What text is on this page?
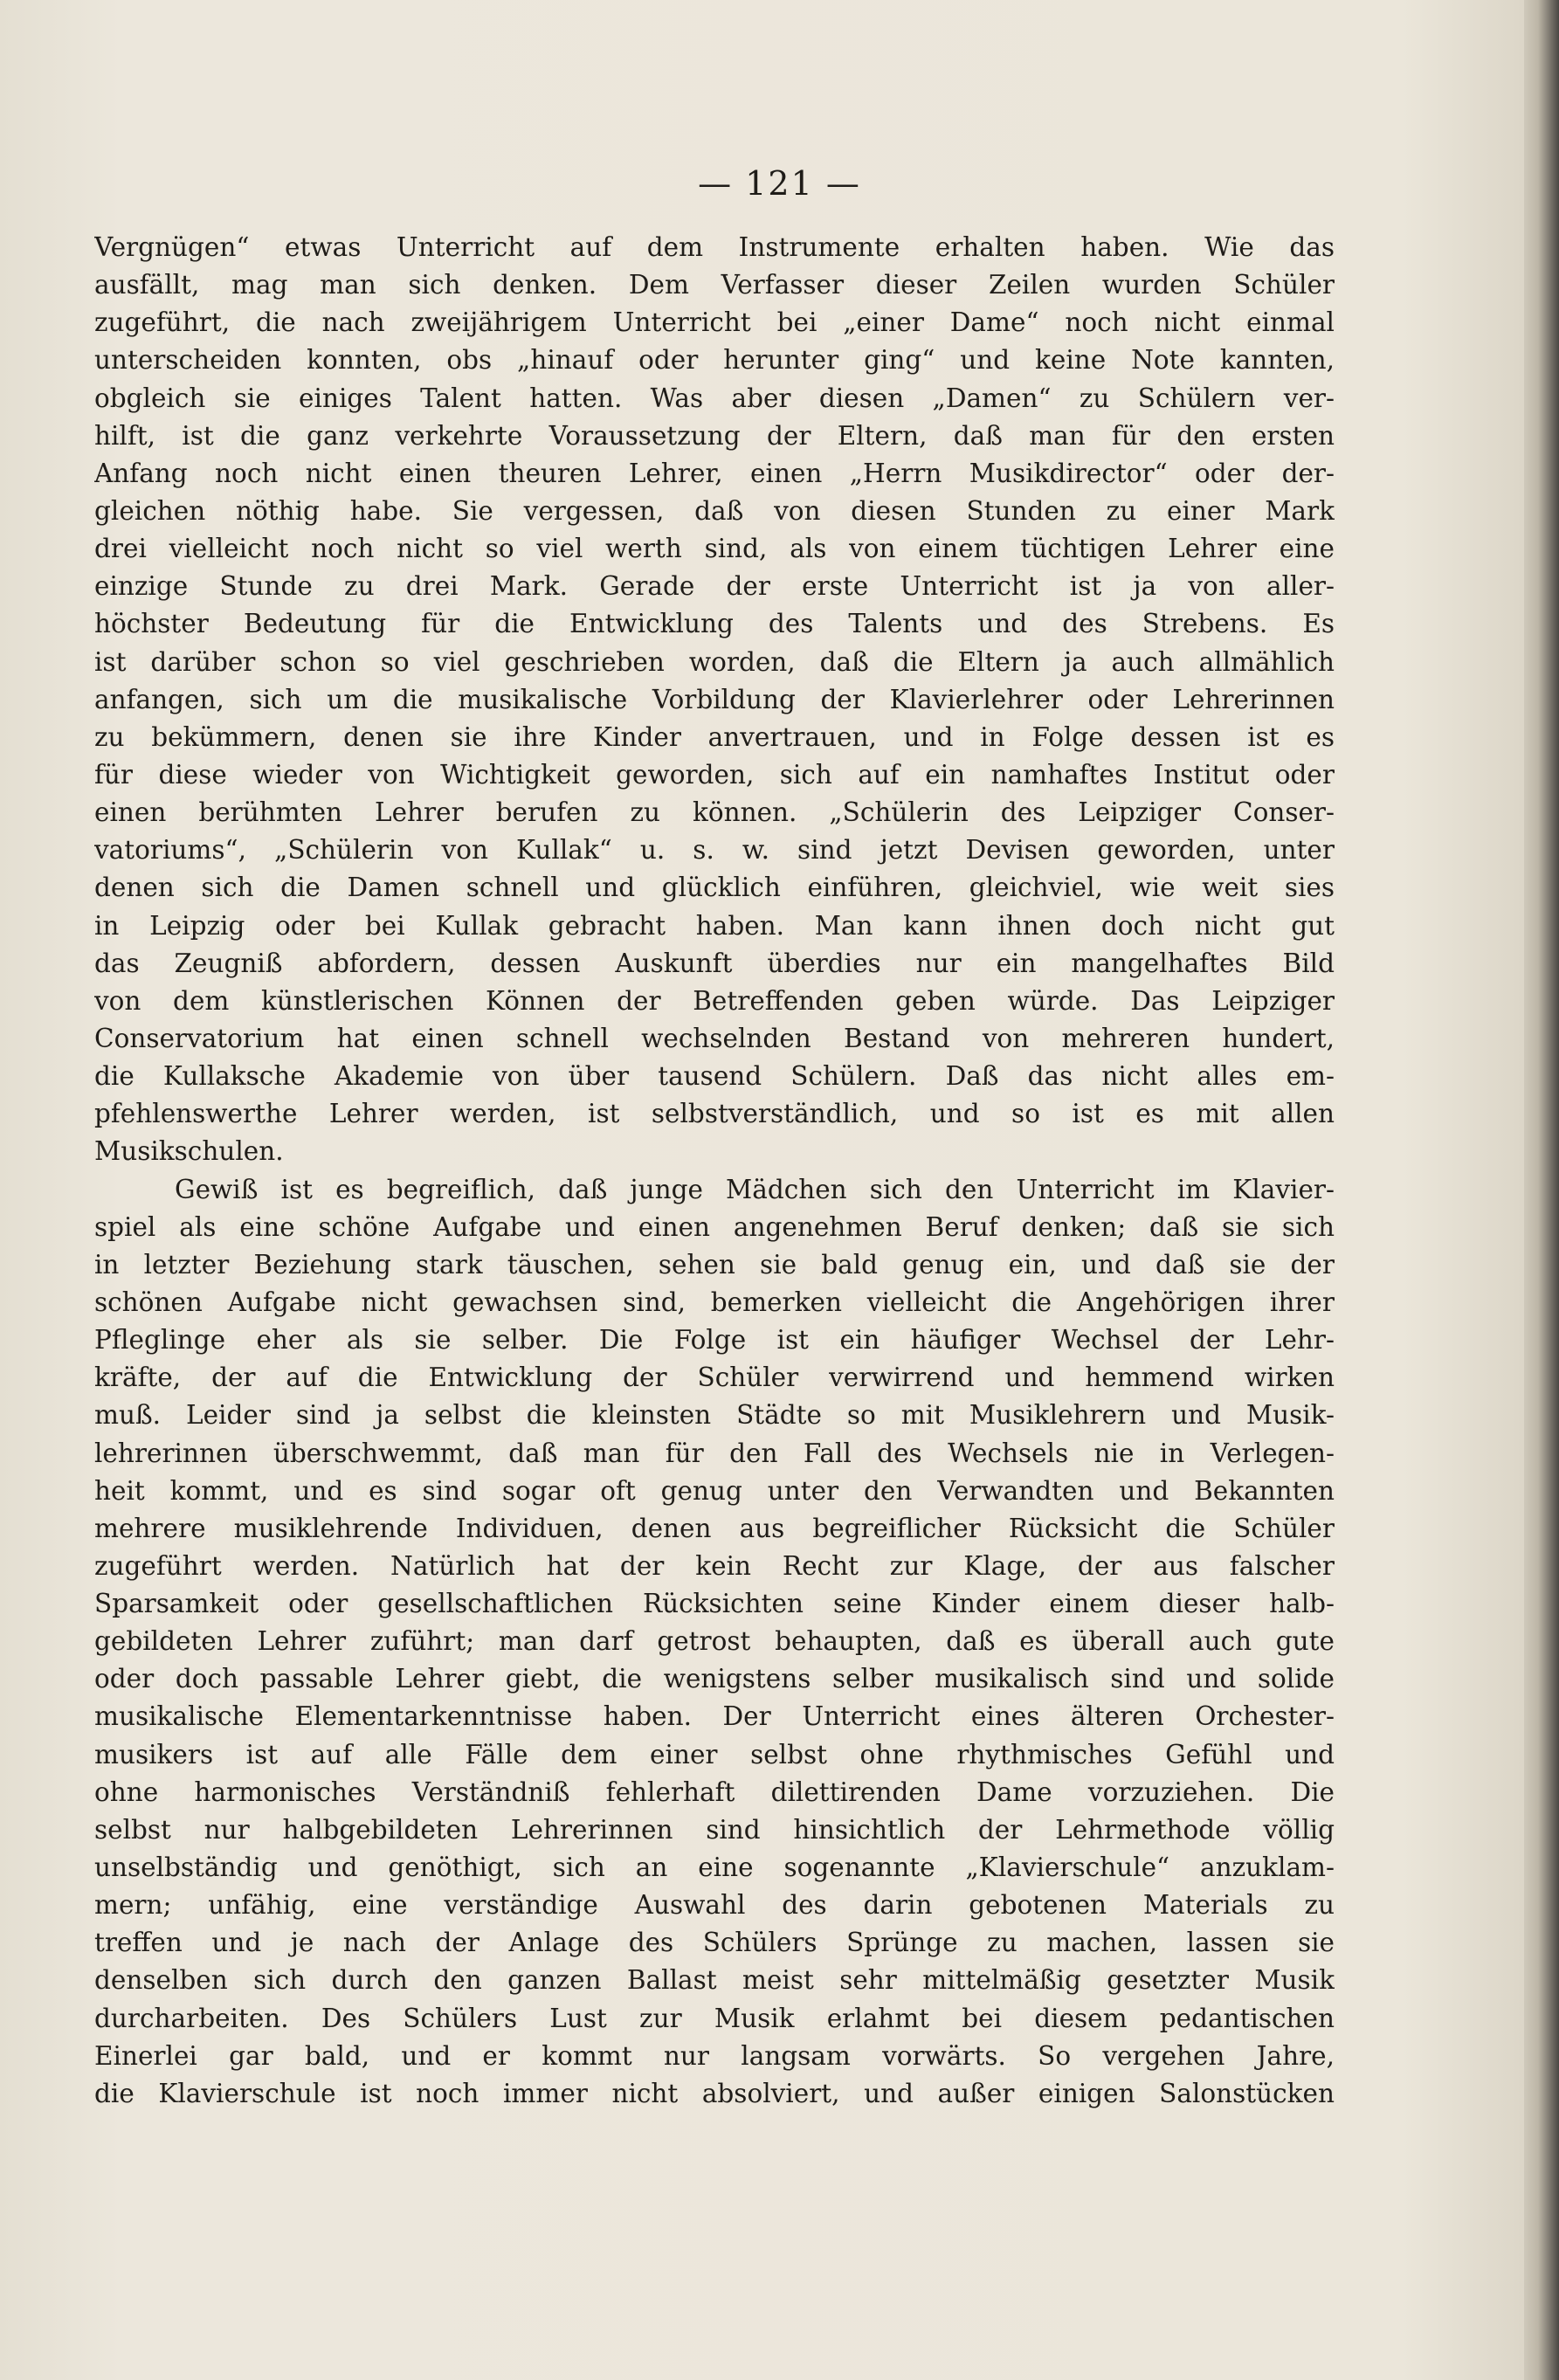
— 121 —
Vergnügen“ etwas Unterricht auf dem Instrumente erhalten haben. Wie das
ausfällt, mag man sich denken. Dem Verfasser dieser Zeilen wurden Schüler
zugeführt, die nach zweijährigem Unterricht bei „einer Dame“ noch nicht einmal
unterscheiden konnten, obs „hinauf oder herunter ging“ und keine Note kannten,
obgleich sie einiges Talent hatten. Was aber diesen „Damen“ zu Schülern ver-
hilft, ist die ganz verkehrte Voraussetzung der Eltern, daß man für den ersten
Anfang noch nicht einen theuren Lehrer, einen „Herrn Musikdirector“ oder der-
gleichen nöthig habe. Sie vergessen, daß von diesen Stunden zu einer Mark
drei vielleicht noch nicht so viel werth sind, als von einem tüchtigen Lehrer eine
einzige Stunde zu drei Mark. Gerade der erste Unterricht ist ja von aller-
höchster Bedeutung für die Entwicklung des Talents und des Strebens. Es
ist darüber schon so viel geschrieben worden, daß die Eltern ja auch allmählich
anfangen, sich um die musikalische Vorbildung der Klavierlehrer oder Lehrerinnen
zu bekümmern, denen sie ihre Kinder anvertrauen, und in Folge dessen ist es
für diese wieder von Wichtigkeit geworden, sich auf ein namhaftes Institut oder
einen berühmten Lehrer berufen zu können. „Schülerin des Leipziger Conser-
vatoriums“, „Schülerin von Kullak“ u. s. w. sind jetzt Devisen geworden, unter
denen sich die Damen schnell und glücklich einführen, gleichviel, wie weit sies
in Leipzig oder bei Kullak gebracht haben. Man kann ihnen doch nicht gut
das Zeugniß abfordern, dessen Auskunft überdies nur ein mangelhaftes Bild
von dem künstlerischen Können der Betreffenden geben würde. Das Leipziger
Conservatorium hat einen schnell wechselnden Bestand von mehreren hundert,
die Kullaksche Akademie von über tausend Schülern. Daß das nicht alles em-
pfehlenswerthe Lehrer werden, ist selbstverständlich, und so ist es mit allen
Musikschulen.
Gewiß ist es begreiflich, daß junge Mädchen sich den Unterricht im Klavier-
spiel als eine schöne Aufgabe und einen angenehmen Beruf denken; daß sie sich
in letzter Beziehung stark täuschen, sehen sie bald genug ein, und daß sie der
schönen Aufgabe nicht gewachsen sind, bemerken vielleicht die Angehörigen ihrer
Pfleglinge eher als sie selber. Die Folge ist ein häufiger Wechsel der Lehr-
kräfte, der auf die Entwicklung der Schüler verwirrend und hemmend wirken
muß. Leider sind ja selbst die kleinsten Städte so mit Musiklehrern und Musik-
lehrerinnen überschwemmt, daß man für den Fall des Wechsels nie in Verlegen-
heit kommt, und es sind sogar oft genug unter den Verwandten und Bekannten
mehrere musiklehrende Individuen, denen aus begreiflicher Rücksicht die Schüler
zugeführt werden. Natürlich hat der kein Recht zur Klage, der aus falscher
Sparsamkeit oder gesellschaftlichen Rücksichten seine Kinder einem dieser halb-
gebildeten Lehrer zuführt; man darf getrost behaupten, daß es überall auch gute
oder doch passable Lehrer giebt, die wenigstens selber musikalisch sind und solide
musikalische Elementarkenntnisse haben. Der Unterricht eines älteren Orchester-
musikers ist auf alle Fälle dem einer selbst ohne rhythmisches Gefühl und
ohne harmonisches Verständniß fehlerhaft dilettirenden Dame vorzuziehen. Die
selbst nur halbgebildeten Lehrerinnen sind hinsichtlich der Lehrmethode völlig
unselbständig und genöthigt, sich an eine sogenannte „Klavierschule“ anzuklam-
mern; unfähig, eine verständige Auswahl des darin gebotenen Materials zu
treffen und je nach der Anlage des Schülers Sprünge zu machen, lassen sie
denselben sich durch den ganzen Ballast meist sehr mittelmäßig gesetzter Musik
durcharbeiten. Des Schülers Lust zur Musik erlahmt bei diesem pedantischen
Einerlei gar bald, und er kommt nur langsam vorwärts. So vergehen Jahre,
die Klavierschule ist noch immer nicht absolviert, und außer einigen Salonstücken
